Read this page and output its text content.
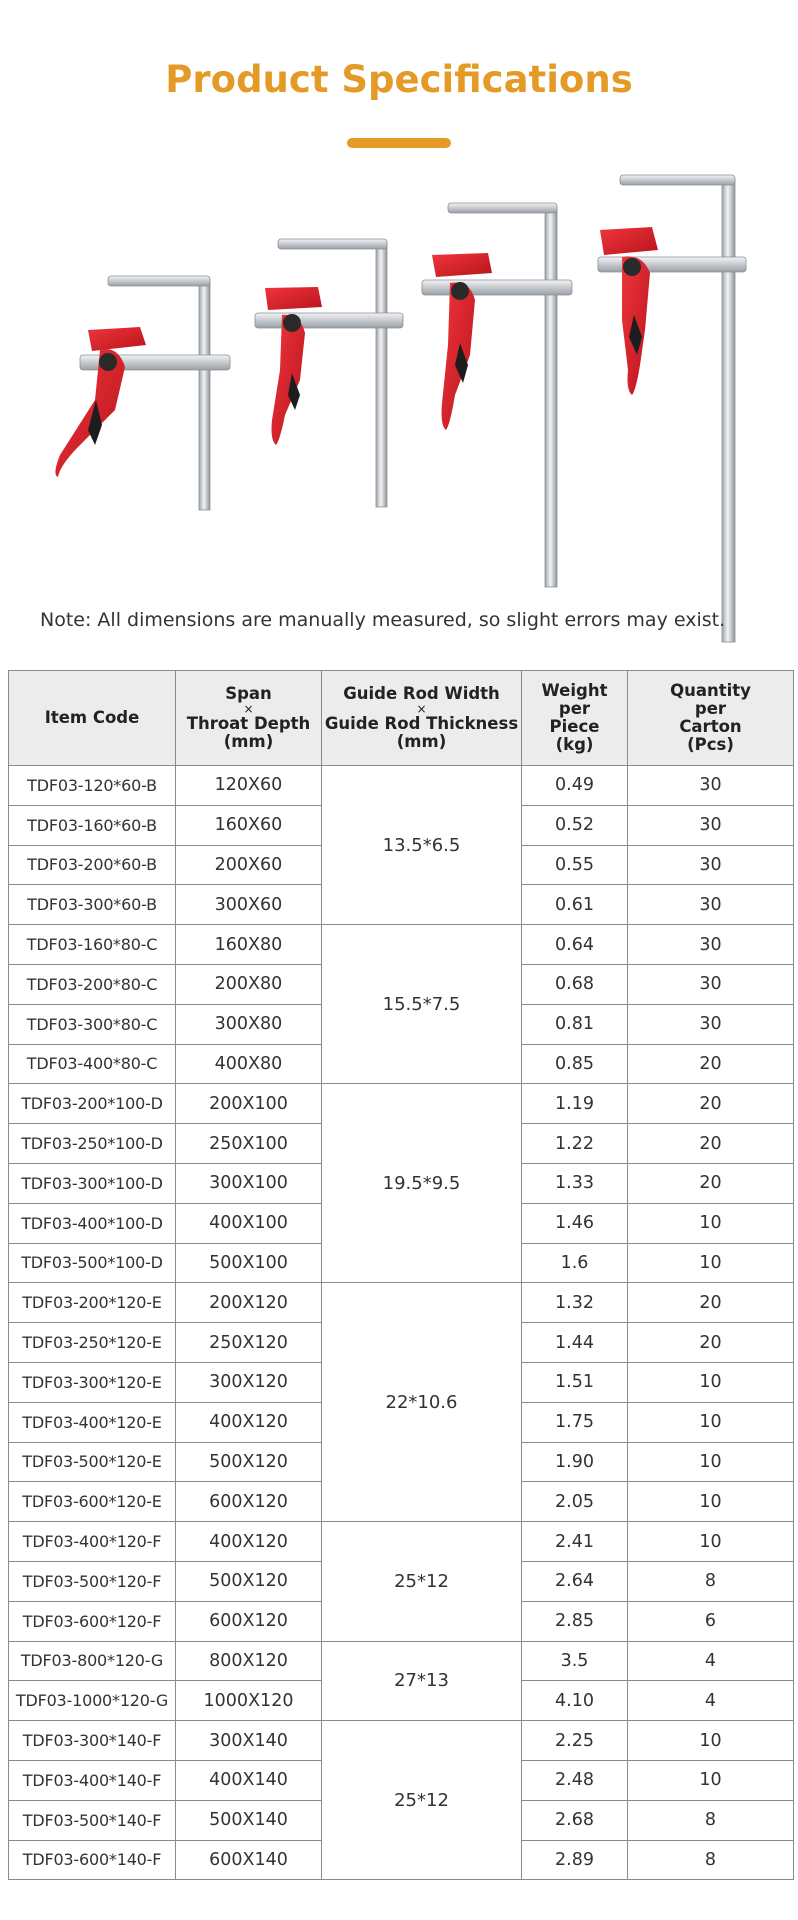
Product Specifications
Note: All dimensions are manually measured, so slight errors may exist.
Item Code	Span
×
Throat Depth
(mm)	Guide Rod Width
×
Guide Rod Thickness
(mm)	Weight
per
Piece
(kg)	Quantity
per
Carton
(Pcs)

TDF03-120*60-B	120X60	13.5*6.5	0.49	30
TDF03-160*60-B	160X60		0.52	30
TDF03-200*60-B	200X60		0.55	30
TDF03-300*60-B	300X60		0.61	30
TDF03-160*80-C	160X80	15.5*7.5	0.64	30
TDF03-200*80-C	200X80		0.68	30
TDF03-300*80-C	300X80		0.81	30
TDF03-400*80-C	400X80		0.85	20
TDF03-200*100-D	200X100	19.5*9.5	1.19	20
TDF03-250*100-D	250X100		1.22	20
TDF03-300*100-D	300X100		1.33	20
TDF03-400*100-D	400X100		1.46	10
TDF03-500*100-D	500X100		1.6	10
TDF03-200*120-E	200X120	22*10.6	1.32	20
TDF03-250*120-E	250X120		1.44	20
TDF03-300*120-E	300X120		1.51	10
TDF03-400*120-E	400X120		1.75	10
TDF03-500*120-E	500X120		1.90	10
TDF03-600*120-E	600X120		2.05	10
TDF03-400*120-F	400X120	25*12	2.41	10
TDF03-500*120-F	500X120		2.64	8
TDF03-600*120-F	600X120		2.85	6
TDF03-800*120-G	800X120	27*13	3.5	4
TDF03-1000*120-G	1000X120		4.10	4
TDF03-300*140-F	300X140	25*12	2.25	10
TDF03-400*140-F	400X140		2.48	10
TDF03-500*140-F	500X140		2.68	8
TDF03-600*140-F	600X140		2.89	8
